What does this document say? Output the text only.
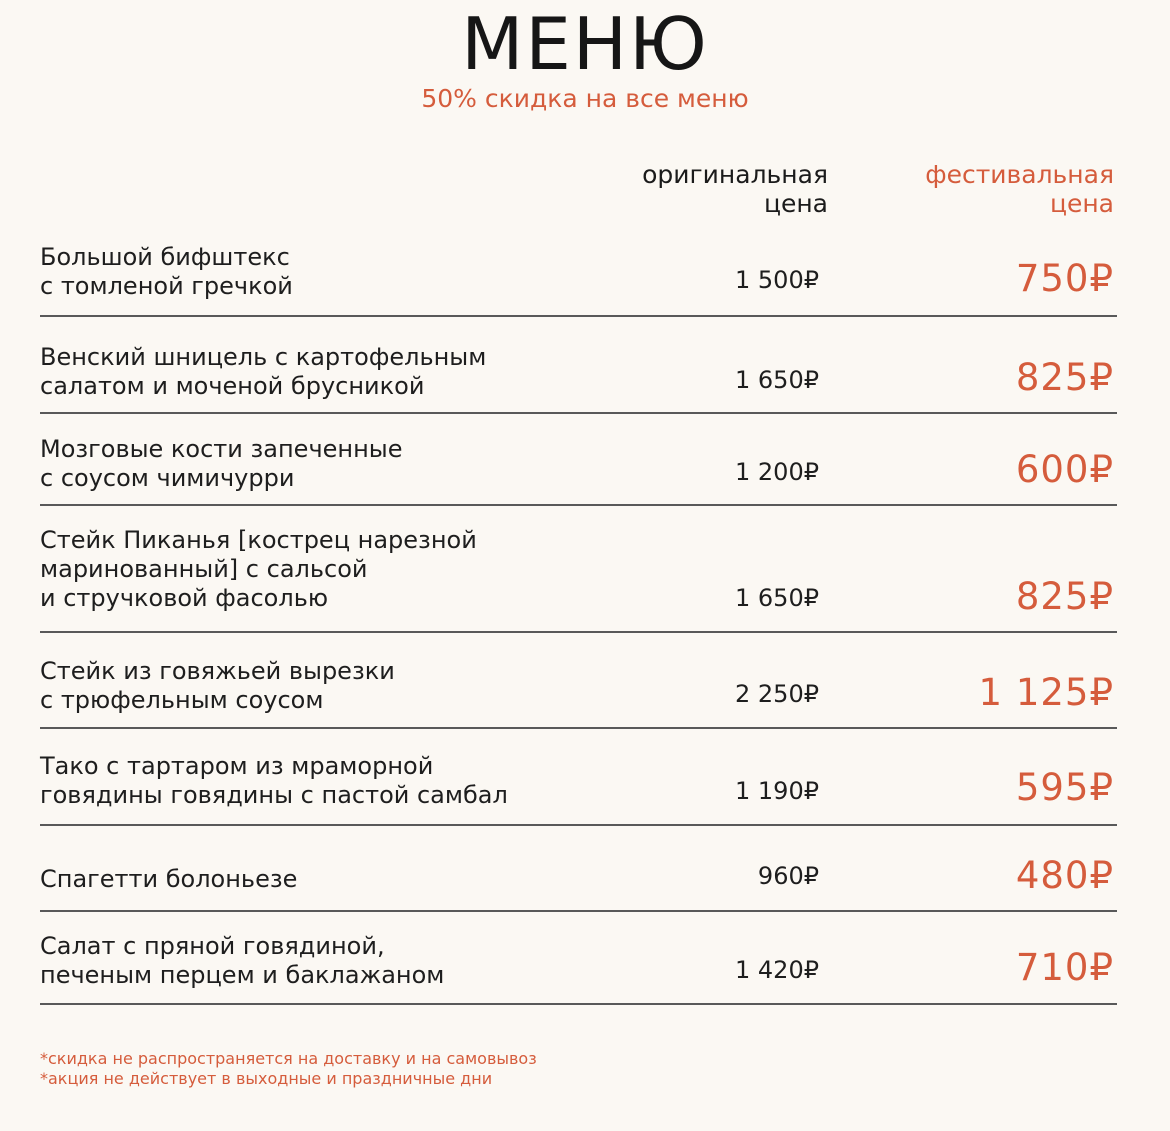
МЕНЮ
50% скидка на все меню
оригинальная
цена
фестивальная
цена
Большой бифштекс
с томленой гречкой	1 500₽	750₽
Венский шницель с картофельным
салатом и моченой брусникой	1 650₽	825₽
Мозговые кости запеченные
с соусом чимичурри	1 200₽	600₽
Стейк Пиканья [кострец нарезной
маринованный] с сальсой
и стручковой фасолью	1 650₽	825₽
Стейк из говяжьей вырезки
с трюфельным соусом	2 250₽	1 125₽
Тако с тартаром из мраморной
говядины говядины с пастой самбал	1 190₽	595₽
Спагетти болоньезе	960₽	480₽
Салат с пряной говядиной,
печеным перцем и баклажаном	1 420₽	710₽
*скидка не распространяется на доставку и на самовывоз
*акция не действует в выходные и праздничные дни
